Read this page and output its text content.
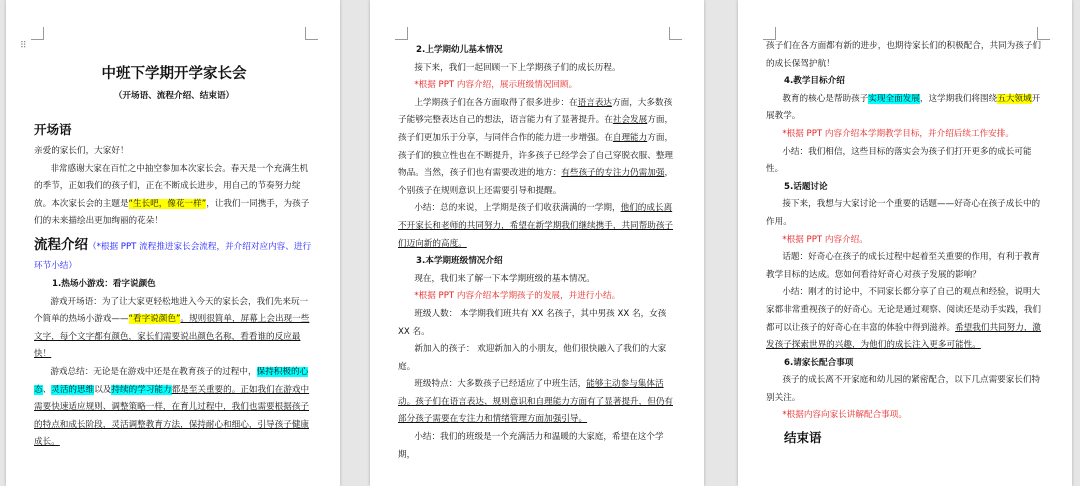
中班下学期开学家长会
（开场语、流程介绍、结束语）
开场语

亲爱的家长们，大家好！

非常感谢大家在百忙之中抽空参加本次家长会。春天是一个充满生机的季节，正如我们的孩子们，正在不断成长进步，用自己的节奏努力绽放。本次家长会的主题是“生长吧，像花一样”，让我们一同携手，为孩子们的未来描绘出更加绚丽的花朵！

流程介绍（*根据 PPT 流程推进家长会流程，并介绍对应内容、进行环节小结）
1.热场小游戏：看字说颜色

游戏开场语：为了让大家更轻松地进入今天的家长会，我们先来玩一个简单的热场小游戏——“看字说颜色”。规则很简单，屏幕上会出现一些文字，每个文字都有颜色，家长们需要说出颜色名称，看看谁的反应最快！

游戏总结：无论是在游戏中还是在教育孩子的过程中，保持积极的心态、灵活的思维以及持续的学习能力都是至关重要的。正如我们在游戏中需要快速适应规则、调整策略一样，在育儿过程中，我们也需要根据孩子的特点和成长阶段，灵活调整教育方法，保持耐心和细心，引导孩子健康成长。

⠿	2.上学期幼儿基本情况

接下来，我们一起回顾一下上学期孩子们的成长历程。

*根据 PPT 内容介绍，展示班级情况回顾。

上学期孩子们在各方面取得了很多进步：在语言表达方面，大多数孩子能够完整表达自己的想法，语言能力有了显著提升。在社会发展方面，孩子们更加乐于分享，与同伴合作的能力进一步增强。在自理能力方面，孩子们的独立性也在不断提升，许多孩子已经学会了自己穿脱衣服、整理物品。当然，孩子们也有需要改进的地方：有些孩子的专注力仍需加强，个别孩子在规则意识上还需要引导和提醒。

小结：总的来说，上学期是孩子们收获满满的一学期，他们的成长离不开家长和老师的共同努力，希望在新学期我们继续携手，共同帮助孩子们迈向新的高度。

3.本学期班级情况介绍

现在，我们来了解一下本学期班级的基本情况。

*根据 PPT 内容介绍本学期孩子的发展，并进行小结。

班级人数： 本学期我们班共有 XX 名孩子，其中男孩 XX 名，女孩 XX 名。

新加入的孩子： 欢迎新加入的小朋友，他们很快融入了我们的大家庭。

班级特点：大多数孩子已经适应了中班生活，能够主动参与集体活动。孩子们在语言表达、规则意识和自理能力方面有了显著提升，但仍有部分孩子需要在专注力和情绪管理方面加强引导。

小结：我们的班级是一个充满活力和温暖的大家庭，希望在这个学期，

孩子们在各方面都有新的进步，也期待家长们的积极配合，共同为孩子们的成长保驾护航！

4.教学目标介绍

教育的核心是帮助孩子实现全面发展，这学期我们将围绕五大领域开展教学。

*根据 PPT 内容介绍本学期教学目标，并介绍后续工作安排。

小结：我们相信，这些目标的落实会为孩子们打开更多的成长可能性。

5.话题讨论

接下来，我想与大家讨论一个重要的话题——好奇心在孩子成长中的作用。

*根据 PPT 内容介绍。

话题：好奇心在孩子的成长过程中起着至关重要的作用，有利于教育教学目标的达成。您如何看待好奇心对孩子发展的影响？

小结：刚才的讨论中，不同家长都分享了自己的观点和经验，说明大家都非常重视孩子的好奇心。无论是通过观察、阅读还是动手实践，我们都可以让孩子的好奇心在丰富的体验中得到滋养。希望我们共同努力，激发孩子探索世界的兴趣，为他们的成长注入更多可能性。

6.请家长配合事项

孩子的成长离不开家庭和幼儿园的紧密配合，以下几点需要家长们特别关注。

*根据内容向家长讲解配合事项。

结束语
